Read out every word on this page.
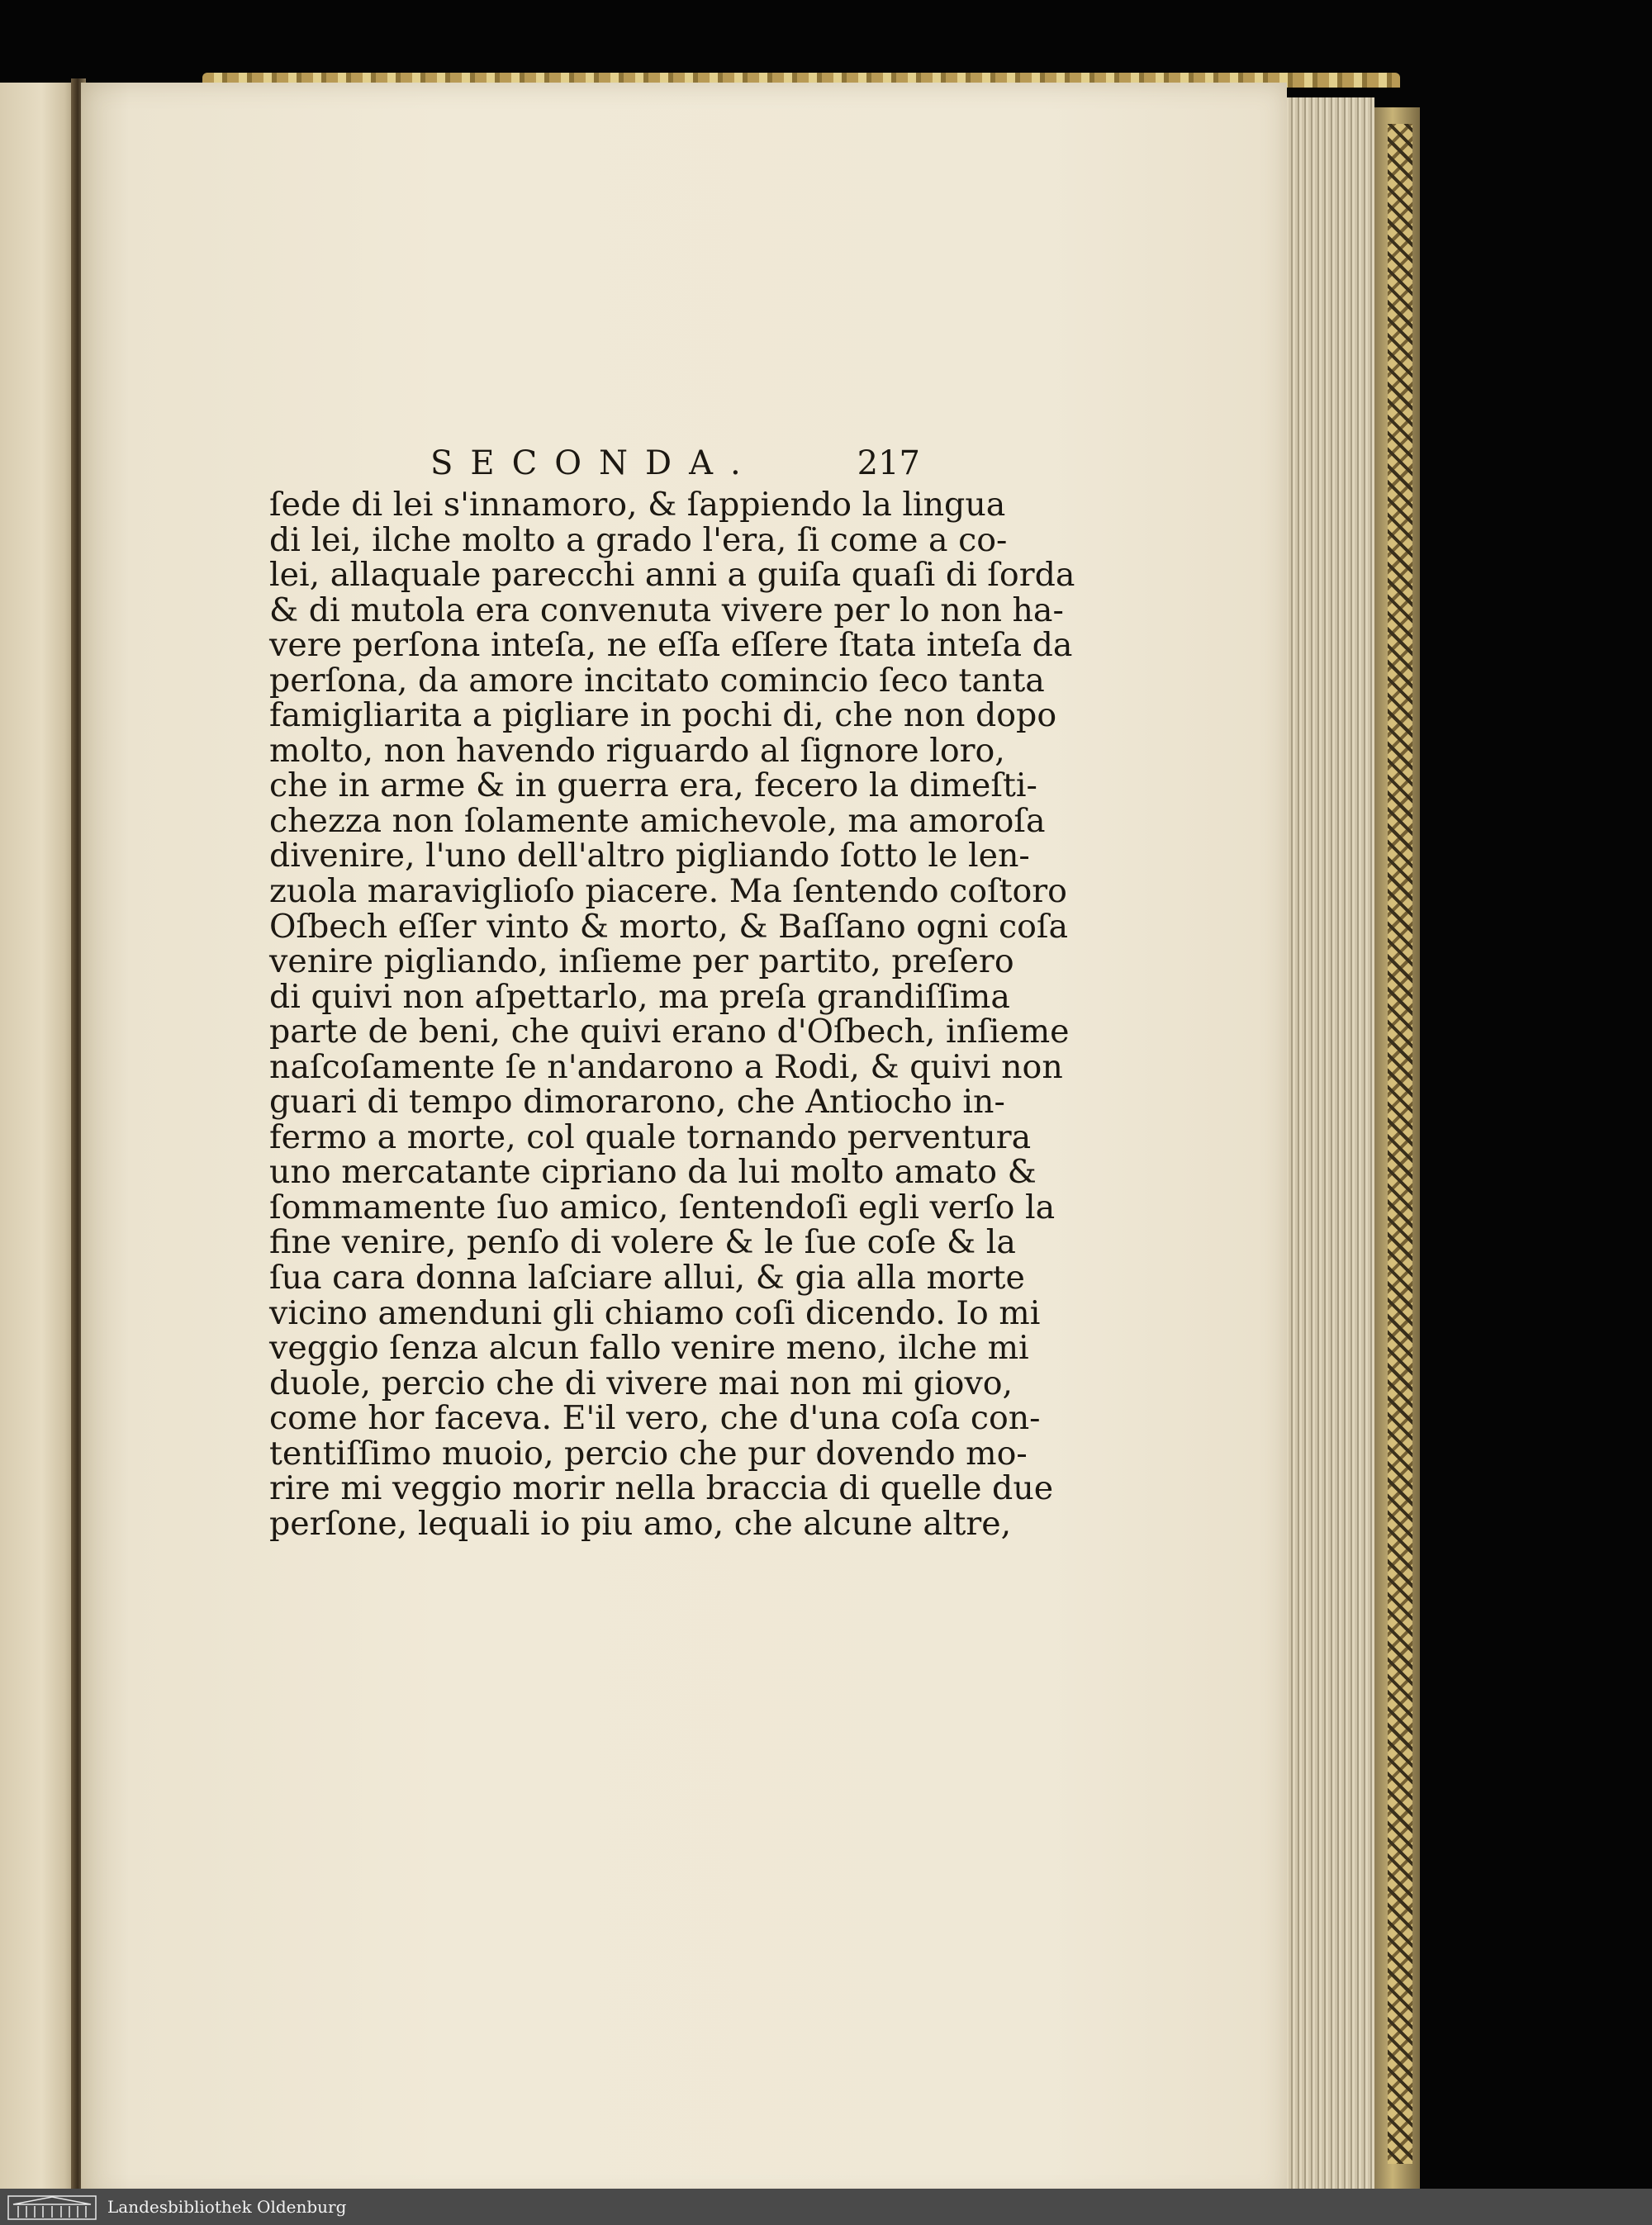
SECONDA.	217
ſede di lei s'innamoro, & ſappiendo la lingua
di lei, ilche molto a grado l'era, ſi come a co-
lei, allaquale parecchi anni a guiſa quaſi di ſorda
& di mutola era convenuta vivere per lo non ha-
vere perſona inteſa, ne eſſa eſſere ſtata inteſa da
perſona, da amore incitato comincio ſeco tanta
famigliarita a pigliare in pochi di, che non dopo
molto, non havendo riguardo al ſignore loro,
che in arme & in guerra era, fecero la dimeſti-
chezza non ſolamente amichevole, ma amoroſa
divenire, l'uno dell'altro pigliando ſotto le len-
zuola maraviglioſo piacere. Ma ſentendo coſtoro
Oſbech eſſer vinto & morto, & Baſſano ogni coſa
venire pigliando, inſieme per partito, preſero
di quivi non aſpettarlo, ma preſa grandiſſima
parte de beni, che quivi erano d'Oſbech, inſieme
naſcoſamente ſe n'andarono a Rodi, & quivi non
guari di tempo dimorarono, che Antiocho in-
fermo a morte, col quale tornando perventura
uno mercatante cipriano da lui molto amato &
ſommamente ſuo amico, ſentendoſi egli verſo la
fine venire, penſo di volere & le ſue coſe & la
ſua cara donna laſciare allui, & gia alla morte
vicino amenduni gli chiamo coſi dicendo. Io mi
veggio ſenza alcun fallo venire meno, ilche mi
duole, percio che di vivere mai non mi giovo,
come hor faceva. E'il vero, che d'una coſa con-
tentiſſimo muoio, percio che pur dovendo mo-
rire mi veggio morir nella braccia di quelle due
perſone, lequali io piu amo, che alcune altre,
Landesbibliothek Oldenburg
